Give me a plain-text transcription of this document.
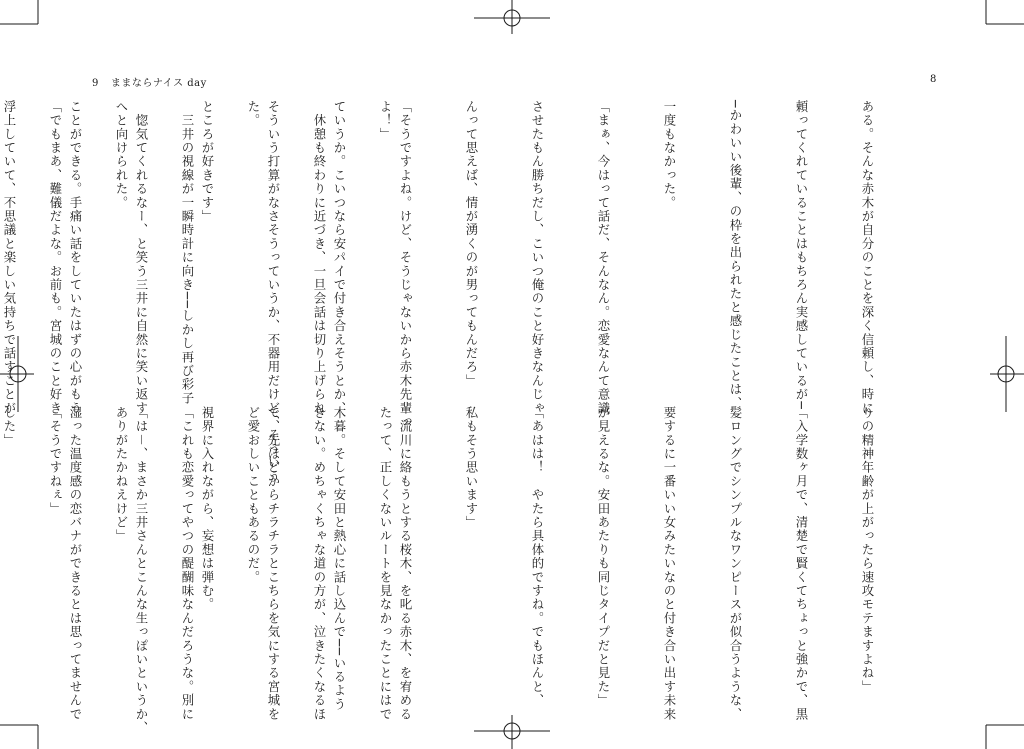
9 ままならナイス day	8

ある。そんな赤木が自分のことを深く信頼し、時に

頼ってくれていることはもちろん実感しているが─

─かわいい後輩、の枠を出られたと感じたことは、

一度もなかった。

「まぁ、今はって話だ、そんなん。恋愛なんて意識

させたもん勝ちだし、こいつ俺のこと好きなんじゃ

んって思えば、情が湧くのが男ってもんだろ」

「そうですよね。けど、そうじゃないから赤木先輩っ

ていうか。こいつなら安パイで付き合えそうとか、

そういう打算がなさそうっていうか、不器用だけど、そういう

ところが好きです」

　惚気てくれるなー、と笑う三井に自然に笑い返す

ことができる。手痛い話をしていたはずの心がもう

浮上していて、不思議と楽しい気持ちで話すことが

りの精神年齢が上がったら速攻モテますよね」

「入学数ヶ月で、清楚で賢くてちょっと強かで、黒

髪ロングでシンプルなワンピースが似合うような、

要するに一番いい女みたいなのと付き合い出す未来

が見えるな。安田あたりも同じタイプだと見た」

「あはは！　やたら具体的ですね。でもほんと、

私もそう思います」

　流川に絡もうとする桜木、を叱る赤木、を宥める

木暮。そして安田と熱心に話し込んで──いるよう

で、先ほどからチラチラとこちらを気にする宮城を

視界に入れながら、妄想は弾む。

「は－、まさか三井さんとこんな生っぽいというか、

湿った温度感の恋バナができるとは思ってませんで

した」

よ！」

　休憩も終わりに近づき、一旦会話は切り上げられ

た。

　三井の視線が一瞬時計に向き──しかし再び彩子

へと向けられた。

「でもまあ、難儀だよな。お前も。宮城のこと好き

たって、正しくないルートを見なかったことにはで

きない。めちゃくちゃな道の方が、泣きたくなるほ

ど愛おしいこともあるのだ。

「これも恋愛ってやつの醍醐味なんだろうな。別に

ありがたかねえけど」

「そうですねぇ」
